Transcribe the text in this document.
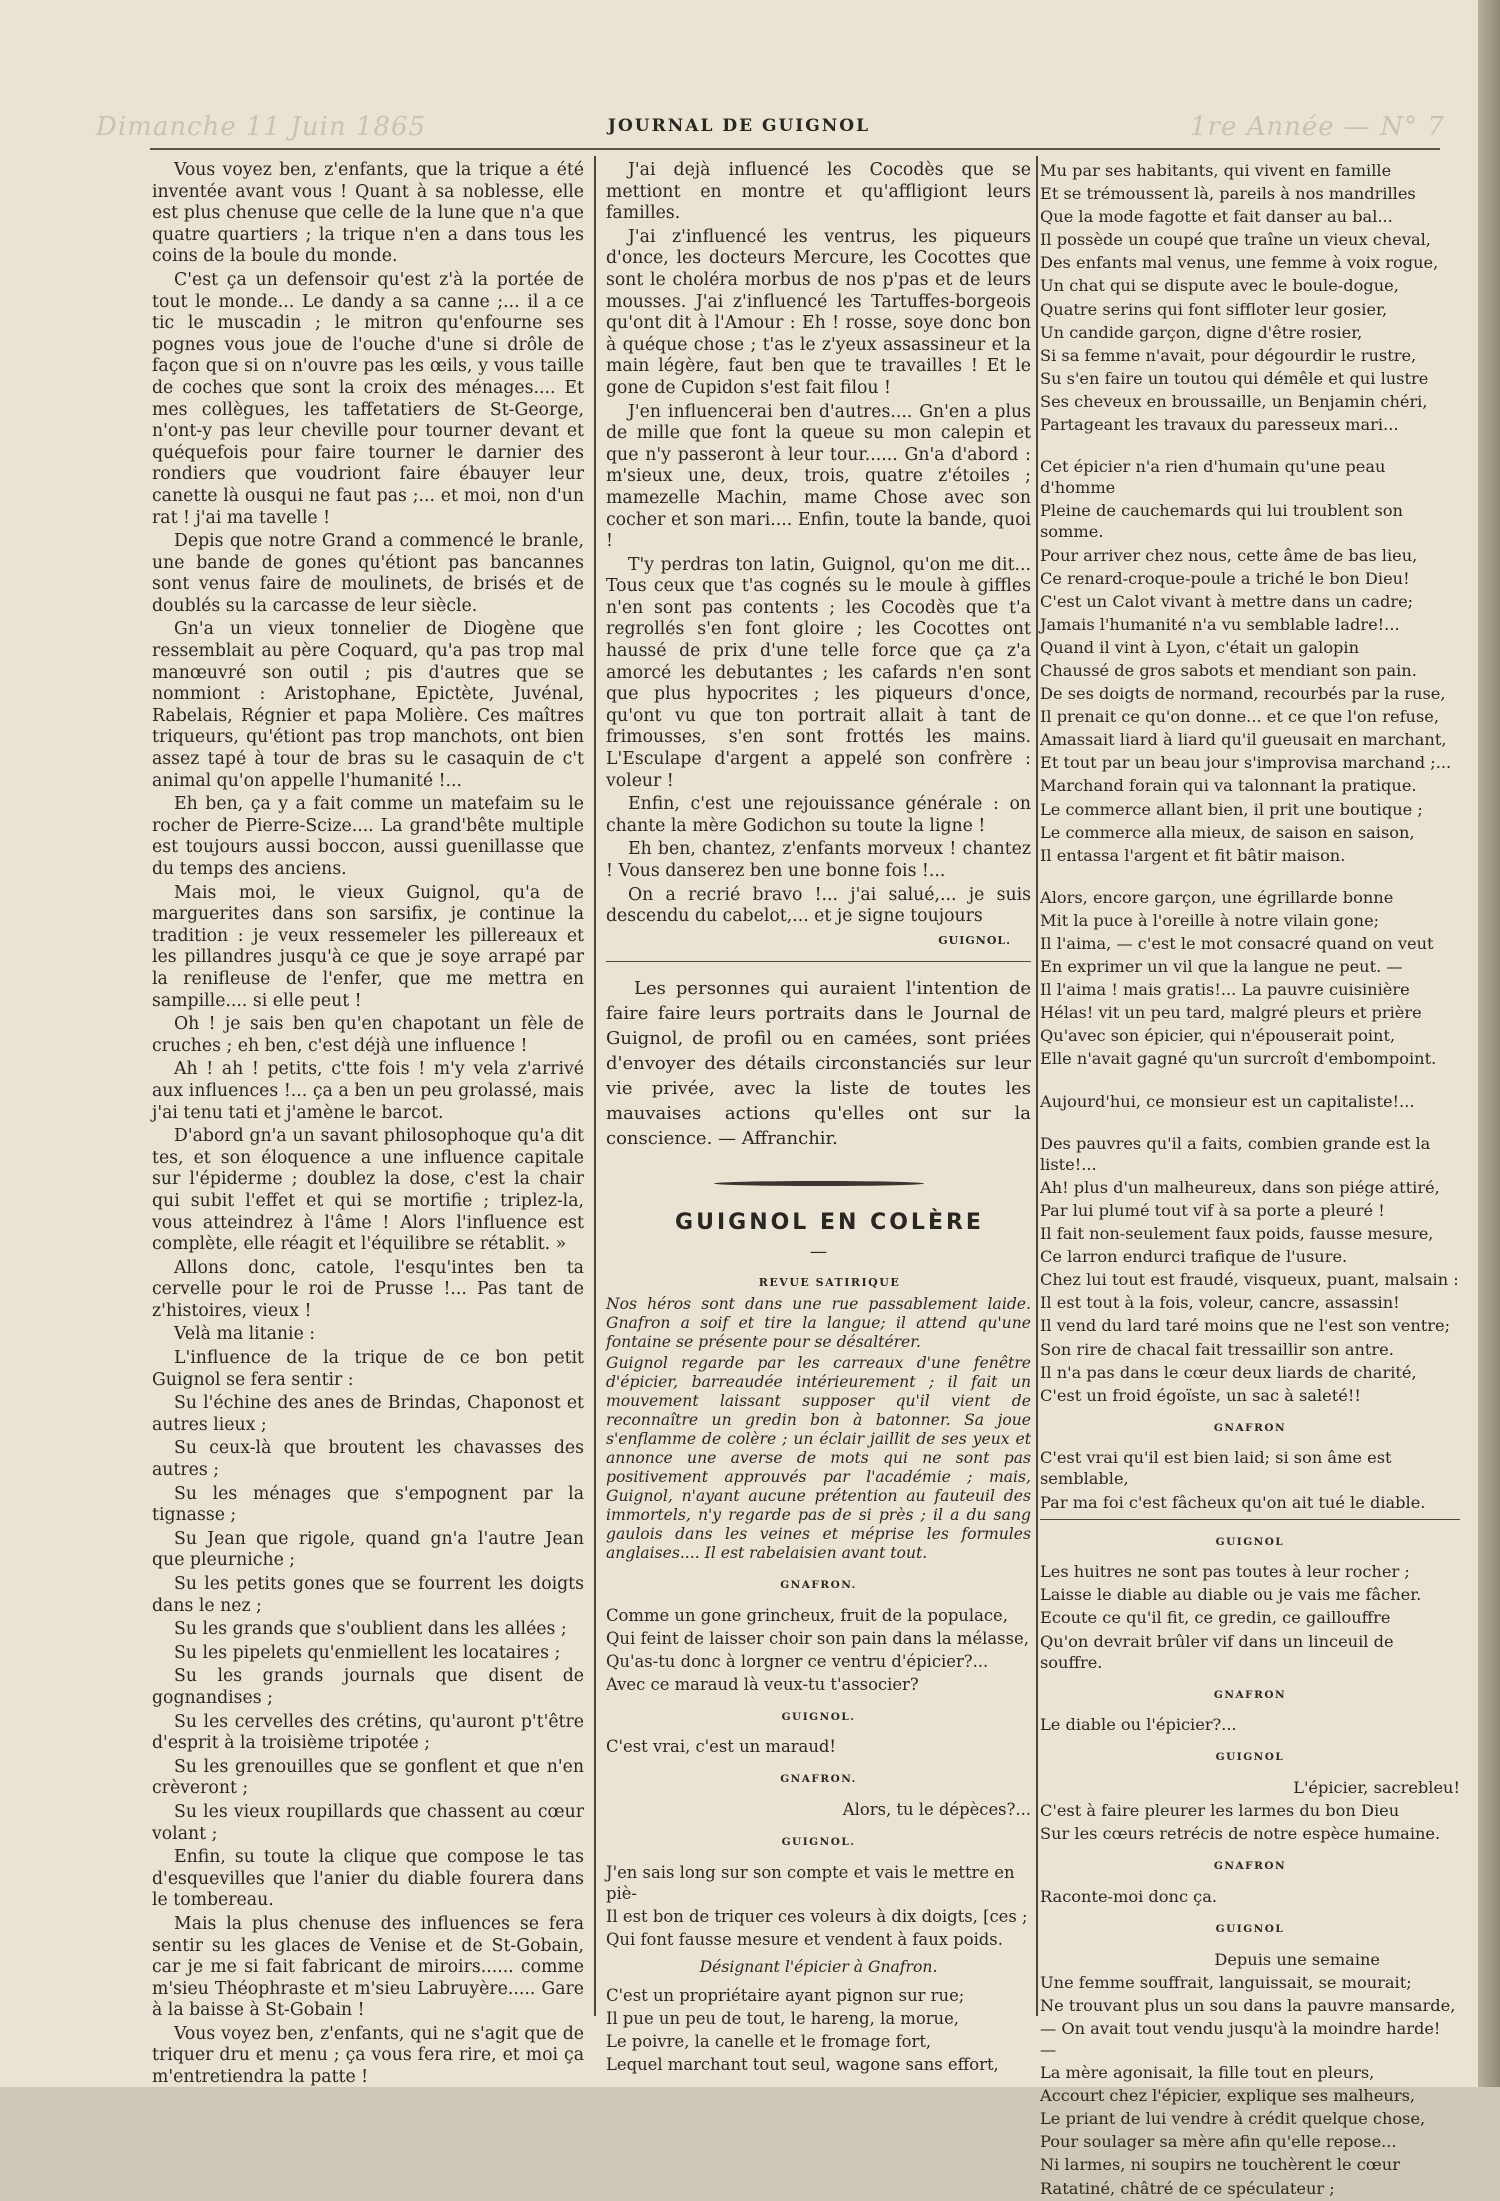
Dimanche 11 Juin 1865	1re Année — N° 7
JOURNAL DE GUIGNOL

Vous voyez ben, z'enfants, que la trique a été inventée avant vous ! Quant à sa noblesse, elle est plus chenuse que celle de la lune que n'a que quatre quartiers ; la trique n'en a dans tous les coins de la boule du monde.

C'est ça un defensoir qu'est z'à la portée de tout le monde... Le dandy a sa canne ;... il a ce tic le muscadin ; le mitron qu'enfourne ses pognes vous joue de l'ouche d'une si drôle de façon que si on n'ouvre pas les œils, y vous taille de coches que sont la croix des ménages.... Et mes collègues, les taffetatiers de St-George, n'ont-y pas leur cheville pour tourner devant et quéquefois pour faire tourner le darnier des rondiers que voudriont faire ébauyer leur canette là ousqui ne faut pas ;... et moi, non d'un rat ! j'ai ma tavelle !

Depis que notre Grand a commencé le branle, une bande de gones qu'étiont pas bancannes sont venus faire de moulinets, de brisés et de doublés su la carcasse de leur siècle.

Gn'a un vieux tonnelier de Diogène que ressemblait au père Coquard, qu'a pas trop mal manœuvré son outil ; pis d'autres que se nommiont : Aristophane, Epictète, Juvénal, Rabelais, Régnier et papa Molière. Ces maîtres triqueurs, qu'étiont pas trop manchots, ont bien assez tapé à tour de bras su le casaquin de c't animal qu'on appelle l'humanité !...

Eh ben, ça y a fait comme un matefaim su le rocher de Pierre-Scize.... La grand'bête multiple est toujours aussi boccon, aussi guenillasse que du temps des anciens.

Mais moi, le vieux Guignol, qu'a de marguerites dans son sarsifix, je continue la tradition : je veux ressemeler les pillereaux et les pillandres jusqu'à ce que je soye arrapé par la renifleuse de l'enfer, que me mettra en sampille.... si elle peut !

Oh ! je sais ben qu'en chapotant un fèle de cruches ; eh ben, c'est déjà une influence !

Ah ! ah ! petits, c'tte fois ! m'y vela z'arrivé aux influences !... ça a ben un peu grolassé, mais j'ai tenu tati et j'amène le barcot.

D'abord gn'a un savant philosophoque qu'a dit tes, et son éloquence a une influence capitale sur l'épiderme ; doublez la dose, c'est la chair qui subit l'effet et qui se mortifie ; triplez-la, vous atteindrez à l'âme ! Alors l'influence est complète, elle réagit et l'équilibre se rétablit. »

Allons donc, catole, l'esqu'intes ben ta cervelle pour le roi de Prusse !... Pas tant de z'histoires, vieux !

Velà ma litanie :

L'influence de la trique de ce bon petit Guignol se fera sentir :

Su l'échine des anes de Brindas, Chaponost et autres lieux ;

Su ceux-là que broutent les chavasses des autres ;

Su les ménages que s'empognent par la tignasse ;

Su Jean que rigole, quand gn'a l'autre Jean que pleurniche ;

Su les petits gones que se fourrent les doigts dans le nez ;

Su les grands que s'oublient dans les allées ;

Su les pipelets qu'enmiellent les locataires ;

Su les grands journals que disent de gognandises ;

Su les cervelles des crétins, qu'auront p't'être d'esprit à la troisième tripotée ;

Su les grenouilles que se gonflent et que n'en crèveront ;

Su les vieux roupillards que chassent au cœur volant ;

Enfin, su toute la clique que compose le tas d'esquevilles que l'anier du diable fourera dans le tombereau.

Mais la plus chenuse des influences se fera sentir su les glaces de Venise et de St-Gobain, car je me si fait fabricant de miroirs...... comme m'sieu Théophraste et m'sieu Labruyère..... Gare à la baisse à St-Gobain !

Vous voyez ben, z'enfants, qui ne s'agit que de triquer dru et menu ; ça vous fera rire, et moi ça m'entretiendra la patte !

J'ai dejà influencé les Cocodès que se mettiont en montre et qu'affligiont leurs familles.

J'ai z'influencé les ventrus, les piqueurs d'once, les docteurs Mercure, les Cocottes que sont le choléra morbus de nos p'pas et de leurs mousses. J'ai z'influencé les Tartuffes-borgeois qu'ont dit à l'Amour : Eh ! rosse, soye donc bon à quéque chose ; t'as le z'yeux assassineur et la main légère, faut ben que te travailles ! Et le gone de Cupidon s'est fait filou !

J'en influencerai ben d'autres.... Gn'en a plus de mille que font la queue su mon calepin et que n'y passeront à leur tour...... Gn'a d'abord : m'sieux une, deux, trois, quatre z'étoiles ; mamezelle Machin, mame Chose avec son cocher et son mari.... Enfin, toute la bande, quoi !

T'y perdras ton latin, Guignol, qu'on me dit... Tous ceux que t'as cognés su le moule à giffles n'en sont pas contents ; les Cocodès que t'a regrollés s'en font gloire ; les Cocottes ont haussé de prix d'une telle force que ça z'a amorcé les debutantes ; les cafards n'en sont que plus hypocrites ; les piqueurs d'once, qu'ont vu que ton portrait allait à tant de frimousses, s'en sont frottés les mains. L'Esculape d'argent a appelé son confrère : voleur !

Enfin, c'est une rejouissance générale : on chante la mère Godichon su toute la ligne !

Eh ben, chantez, z'enfants morveux ! chantez ! Vous danserez ben une bonne fois !...

On a recrié bravo !... j'ai salué,... je suis descendu du cabelot,... et je signe toujours

GUIGNOL.

Les personnes qui auraient l'intention de faire faire leurs portraits dans le Journal de Guignol, de profil ou en camées, sont priées d'envoyer des détails circonstanciés sur leur vie privée, avec la liste de toutes les mauvaises actions qu'elles ont sur la conscience. — Affranchir.

GUIGNOL EN COLÈRE

—

REVUE SATIRIQUE

Nos héros sont dans une rue passablement laide. Gnafron a soif et tire la langue; il attend qu'une fontaine se présente pour se désaltérer.

Guignol regarde par les carreaux d'une fenêtre d'épicier, barreaudée intérieurement ; il fait un mouvement laissant supposer qu'il vient de reconnaître un gredin bon à batonner. Sa joue s'enflamme de colère ; un éclair jaillit de ses yeux et annonce une averse de mots qui ne sont pas positivement approuvés par l'académie ; mais, Guignol, n'ayant aucune prétention au fauteuil des immortels, n'y regarde pas de si près ; il a du sang gaulois dans les veines et méprise les formules anglaises.... Il est rabelaisien avant tout.

GNAFRON.

Comme un gone grincheux, fruit de la populace,

Qui feint de laisser choir son pain dans la mélasse,

Qu'as-tu donc à lorgner ce ventru d'épicier?...

Avec ce maraud là veux-tu t'associer?

GUIGNOL.

C'est vrai, c'est un maraud!

GNAFRON.

Alors, tu le dépèces?...

GUIGNOL.

J'en sais long sur son compte et vais le mettre en piè-

Il est bon de triquer ces voleurs à dix doigts, [ces ;

Qui font fausse mesure et vendent à faux poids.

Désignant l'épicier à Gnafron.

C'est un propriétaire ayant pignon sur rue;

Il pue un peu de tout, le hareng, la morue,

Le poivre, la canelle et le fromage fort,

Lequel marchant tout seul, wagone sans effort,

Mu par ses habitants, qui vivent en famille

Et se trémoussent là, pareils à nos mandrilles

Que la mode fagotte et fait danser au bal...

Il possède un coupé que traîne un vieux cheval,

Des enfants mal venus, une femme à voix rogue,

Un chat qui se dispute avec le boule-dogue,

Quatre serins qui font siffloter leur gosier,

Un candide garçon, digne d'être rosier,

Si sa femme n'avait, pour dégourdir le rustre,

Su s'en faire un toutou qui démêle et qui lustre

Ses cheveux en broussaille, un Benjamin chéri,

Partageant les travaux du paresseux mari...

Cet épicier n'a rien d'humain qu'une peau d'homme

Pleine de cauchemards qui lui troublent son somme.

Pour arriver chez nous, cette âme de bas lieu,

Ce renard-croque-poule a triché le bon Dieu!

C'est un Calot vivant à mettre dans un cadre;

Jamais l'humanité n'a vu semblable ladre!...

Quand il vint à Lyon, c'était un galopin

Chaussé de gros sabots et mendiant son pain.

De ses doigts de normand, recourbés par la ruse,

Il prenait ce qu'on donne... et ce que l'on refuse,

Amassait liard à liard qu'il gueusait en marchant,

Et tout par un beau jour s'improvisa marchand ;...

Marchand forain qui va talonnant la pratique.

Le commerce allant bien, il prit une boutique ;

Le commerce alla mieux, de saison en saison,

Il entassa l'argent et fit bâtir maison.

Alors, encore garçon, une égrillarde bonne

Mit la puce à l'oreille à notre vilain gone;

Il l'aima, — c'est le mot consacré quand on veut

En exprimer un vil que la langue ne peut. —

Il l'aima ! mais gratis!... La pauvre cuisinière

Hélas! vit un peu tard, malgré pleurs et prière

Qu'avec son épicier, qui n'épouserait point,

Elle n'avait gagné qu'un surcroît d'embompoint.

Aujourd'hui, ce monsieur est un capitaliste!...

Des pauvres qu'il a faits, combien grande est la liste!...

Ah! plus d'un malheureux, dans son piége attiré,

Par lui plumé tout vif à sa porte a pleuré !

Il fait non-seulement faux poids, fausse mesure,

Ce larron endurci trafique de l'usure.

Chez lui tout est fraudé, visqueux, puant, malsain :

Il est tout à la fois, voleur, cancre, assassin!

Il vend du lard taré moins que ne l'est son ventre;

Son rire de chacal fait tressaillir son antre.

Il n'a pas dans le cœur deux liards de charité,

C'est un froid égoïste, un sac à saleté!!

GNAFRON

C'est vrai qu'il est bien laid; si son âme est semblable,

Par ma foi c'est fâcheux qu'on ait tué le diable.

GUIGNOL

Les huitres ne sont pas toutes à leur rocher ;

Laisse le diable au diable ou je vais me fâcher.

Ecoute ce qu'il fit, ce gredin, ce gaillouffre

Qu'on devrait brûler vif dans un linceuil de souffre.

GNAFRON

Le diable ou l'épicier?...

GUIGNOL

L'épicier, sacrebleu!

C'est à faire pleurer les larmes du bon Dieu

Sur les cœurs retrécis de notre espèce humaine.

GNAFRON

Raconte-moi donc ça.

GUIGNOL

Depuis une semaine

Une femme souffrait, languissait, se mourait;

Ne trouvant plus un sou dans la pauvre mansarde,

— On avait tout vendu jusqu'à la moindre harde! —

La mère agonisait, la fille tout en pleurs,

Accourt chez l'épicier, explique ses malheurs,

Le priant de lui vendre à crédit quelque chose,

Pour soulager sa mère afin qu'elle repose...

Ni larmes, ni soupirs ne touchèrent le cœur

Ratatiné, châtré de ce spéculateur ;
